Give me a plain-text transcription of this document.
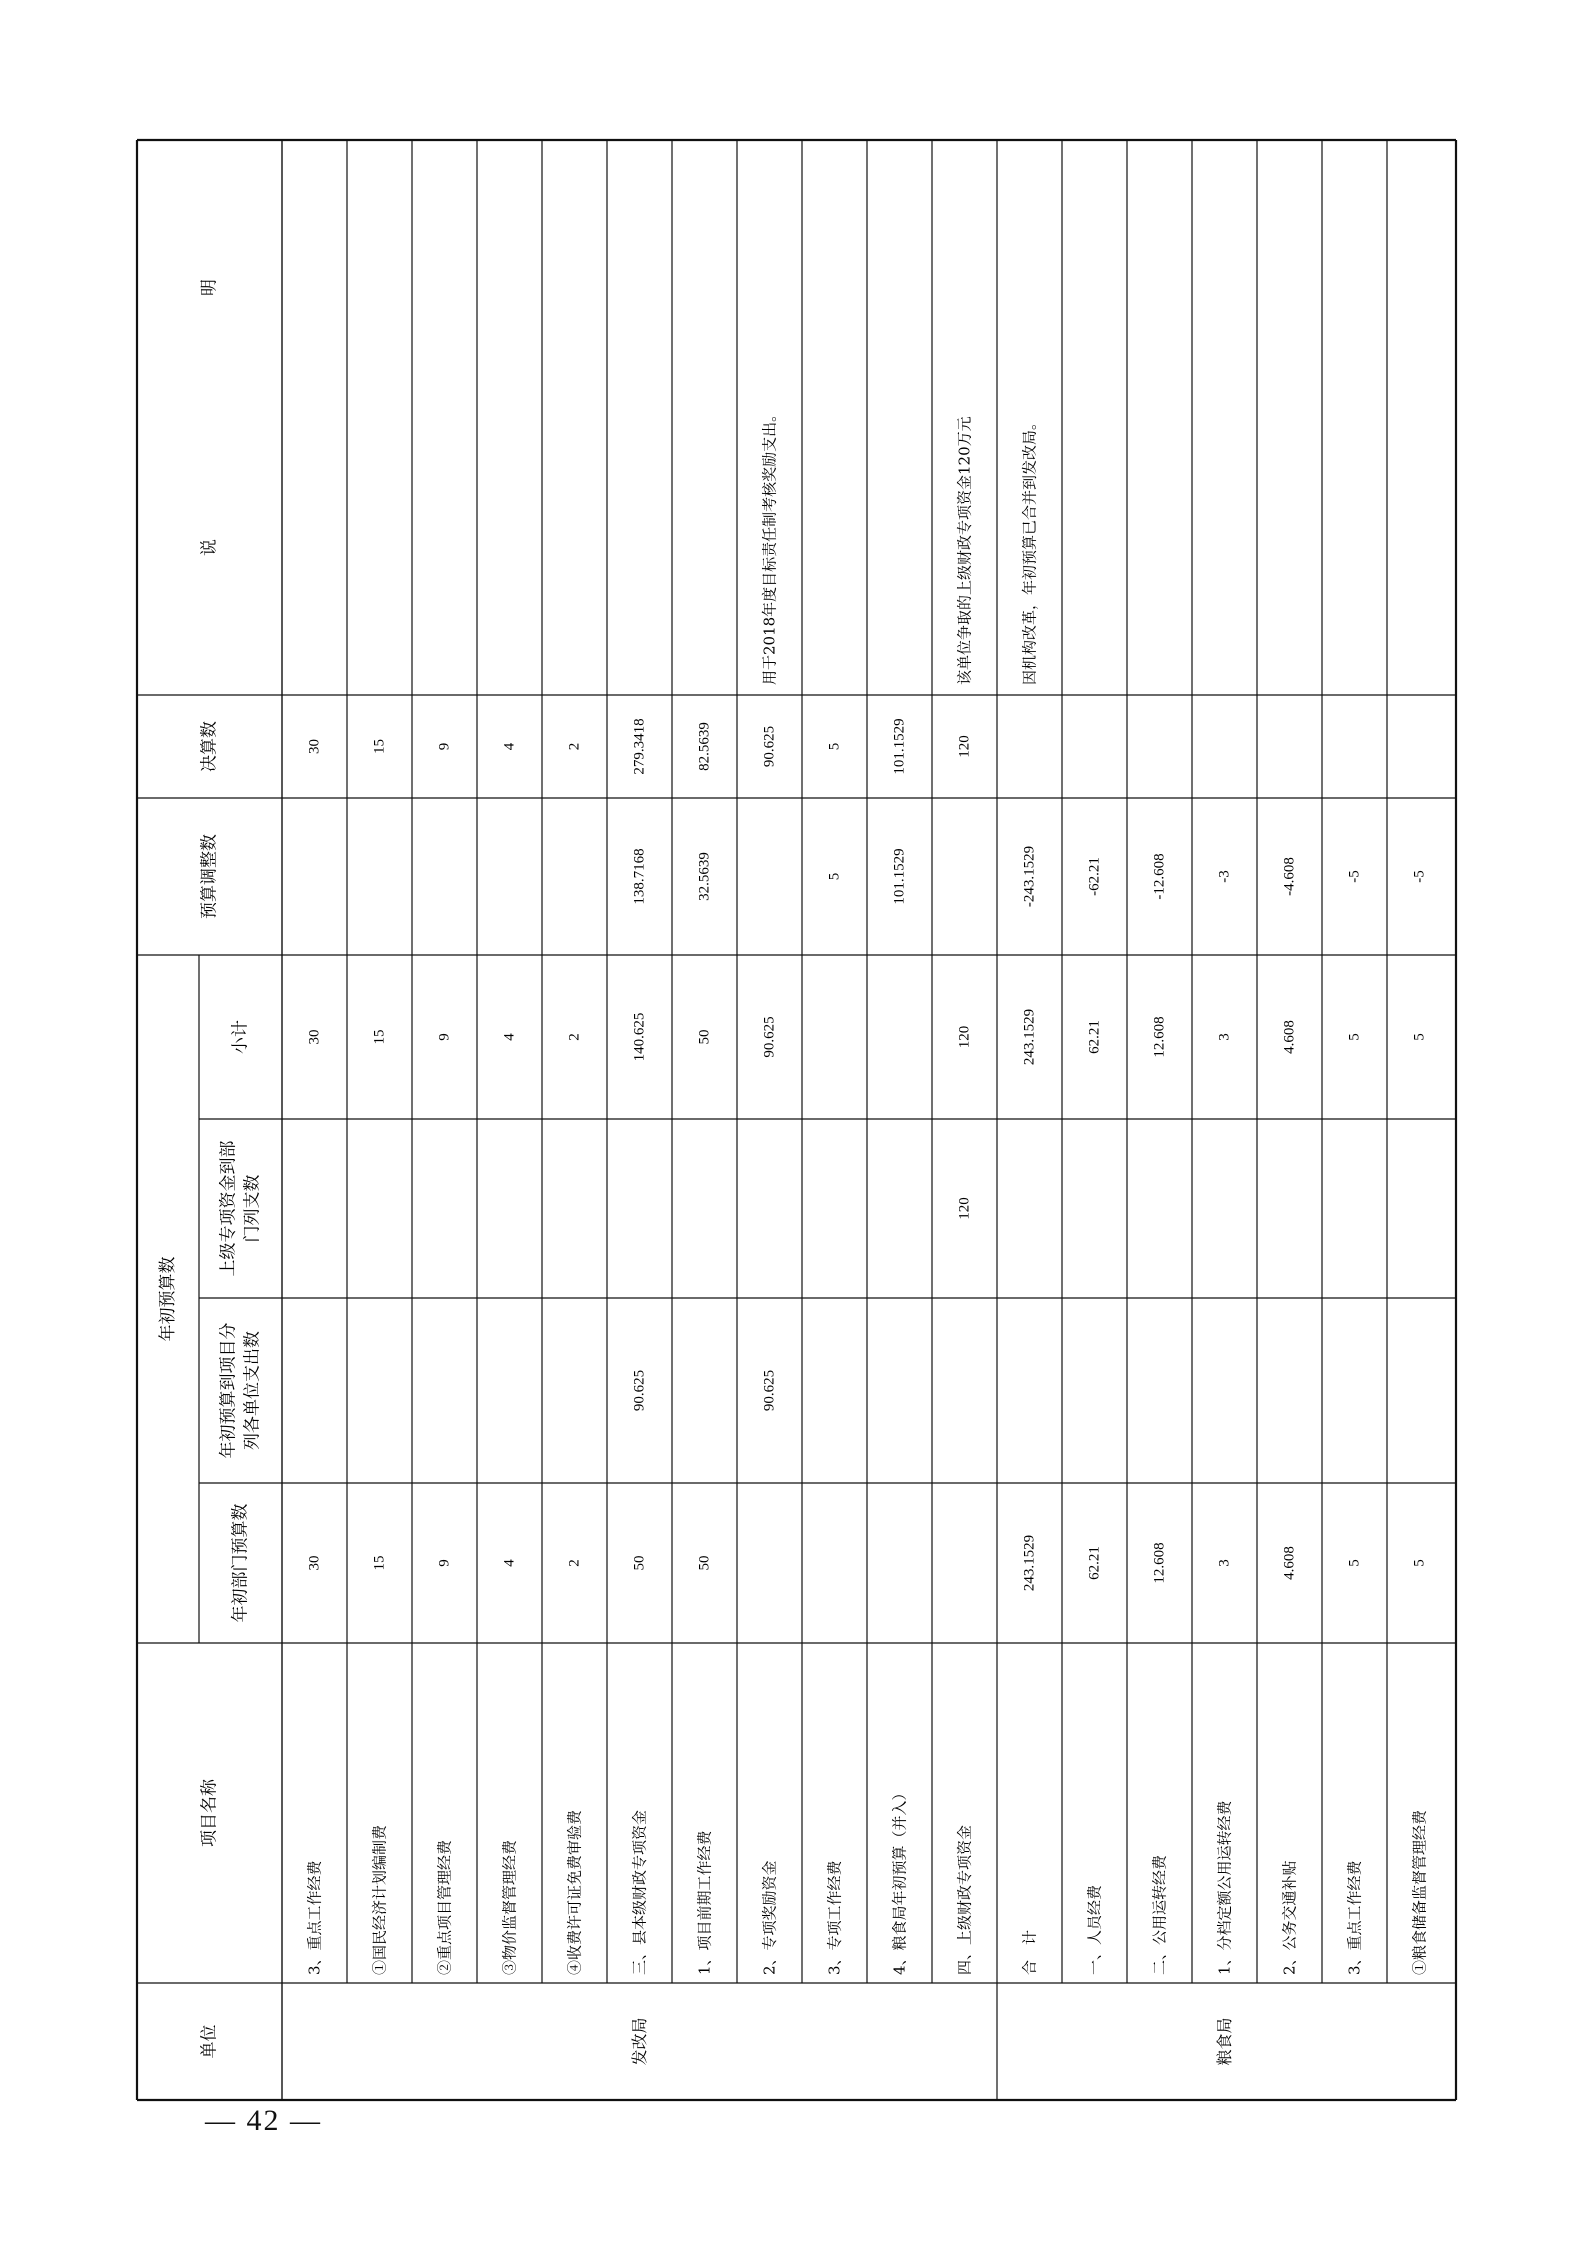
明
说
决算数
预算调整数
年初预算数
小计
上级专项资金到部 门列支数
年初预算到项目分 列各单位支出数
年初部门预算数
项目名称
单位	发改局	粮食局
3、重点工作经费
30
30
30
①国民经济计划编制费
15
15
15
②重点项目管理经费
9
9
9
③物价监督管理经费
4
4
4
④收费许可证免费审验费
2
2
2
三、县本级财政专项资金
50
90.625
140.625
138.7168
279.3418
1、项目前期工作经费
50
50
32.5639
82.5639
2、专项奖励资金
90.625
90.625
90.625
用于2018年度目标责任制考核奖励支出。
3、专项工作经费
5
5
4、粮食局年初预算（并入）
101.1529
101.1529
四、上级财政专项资金
120
120
120
该单位争取的上级财政专项资金120万元
合　计
243.1529
243.1529
-243.1529
因机构改革，年初预算已合并到发改局。
一、人员经费
62.21
62.21
-62.21
二、公用运转经费
12.608
12.608
-12.608
1、分档定额公用运转经费
3
3
-3
2、公务交通补贴
4.608
4.608
-4.608
3、重点工作经费
5
5
-5
①粮食储备监督管理经费
5
5
-5
— 42 —
